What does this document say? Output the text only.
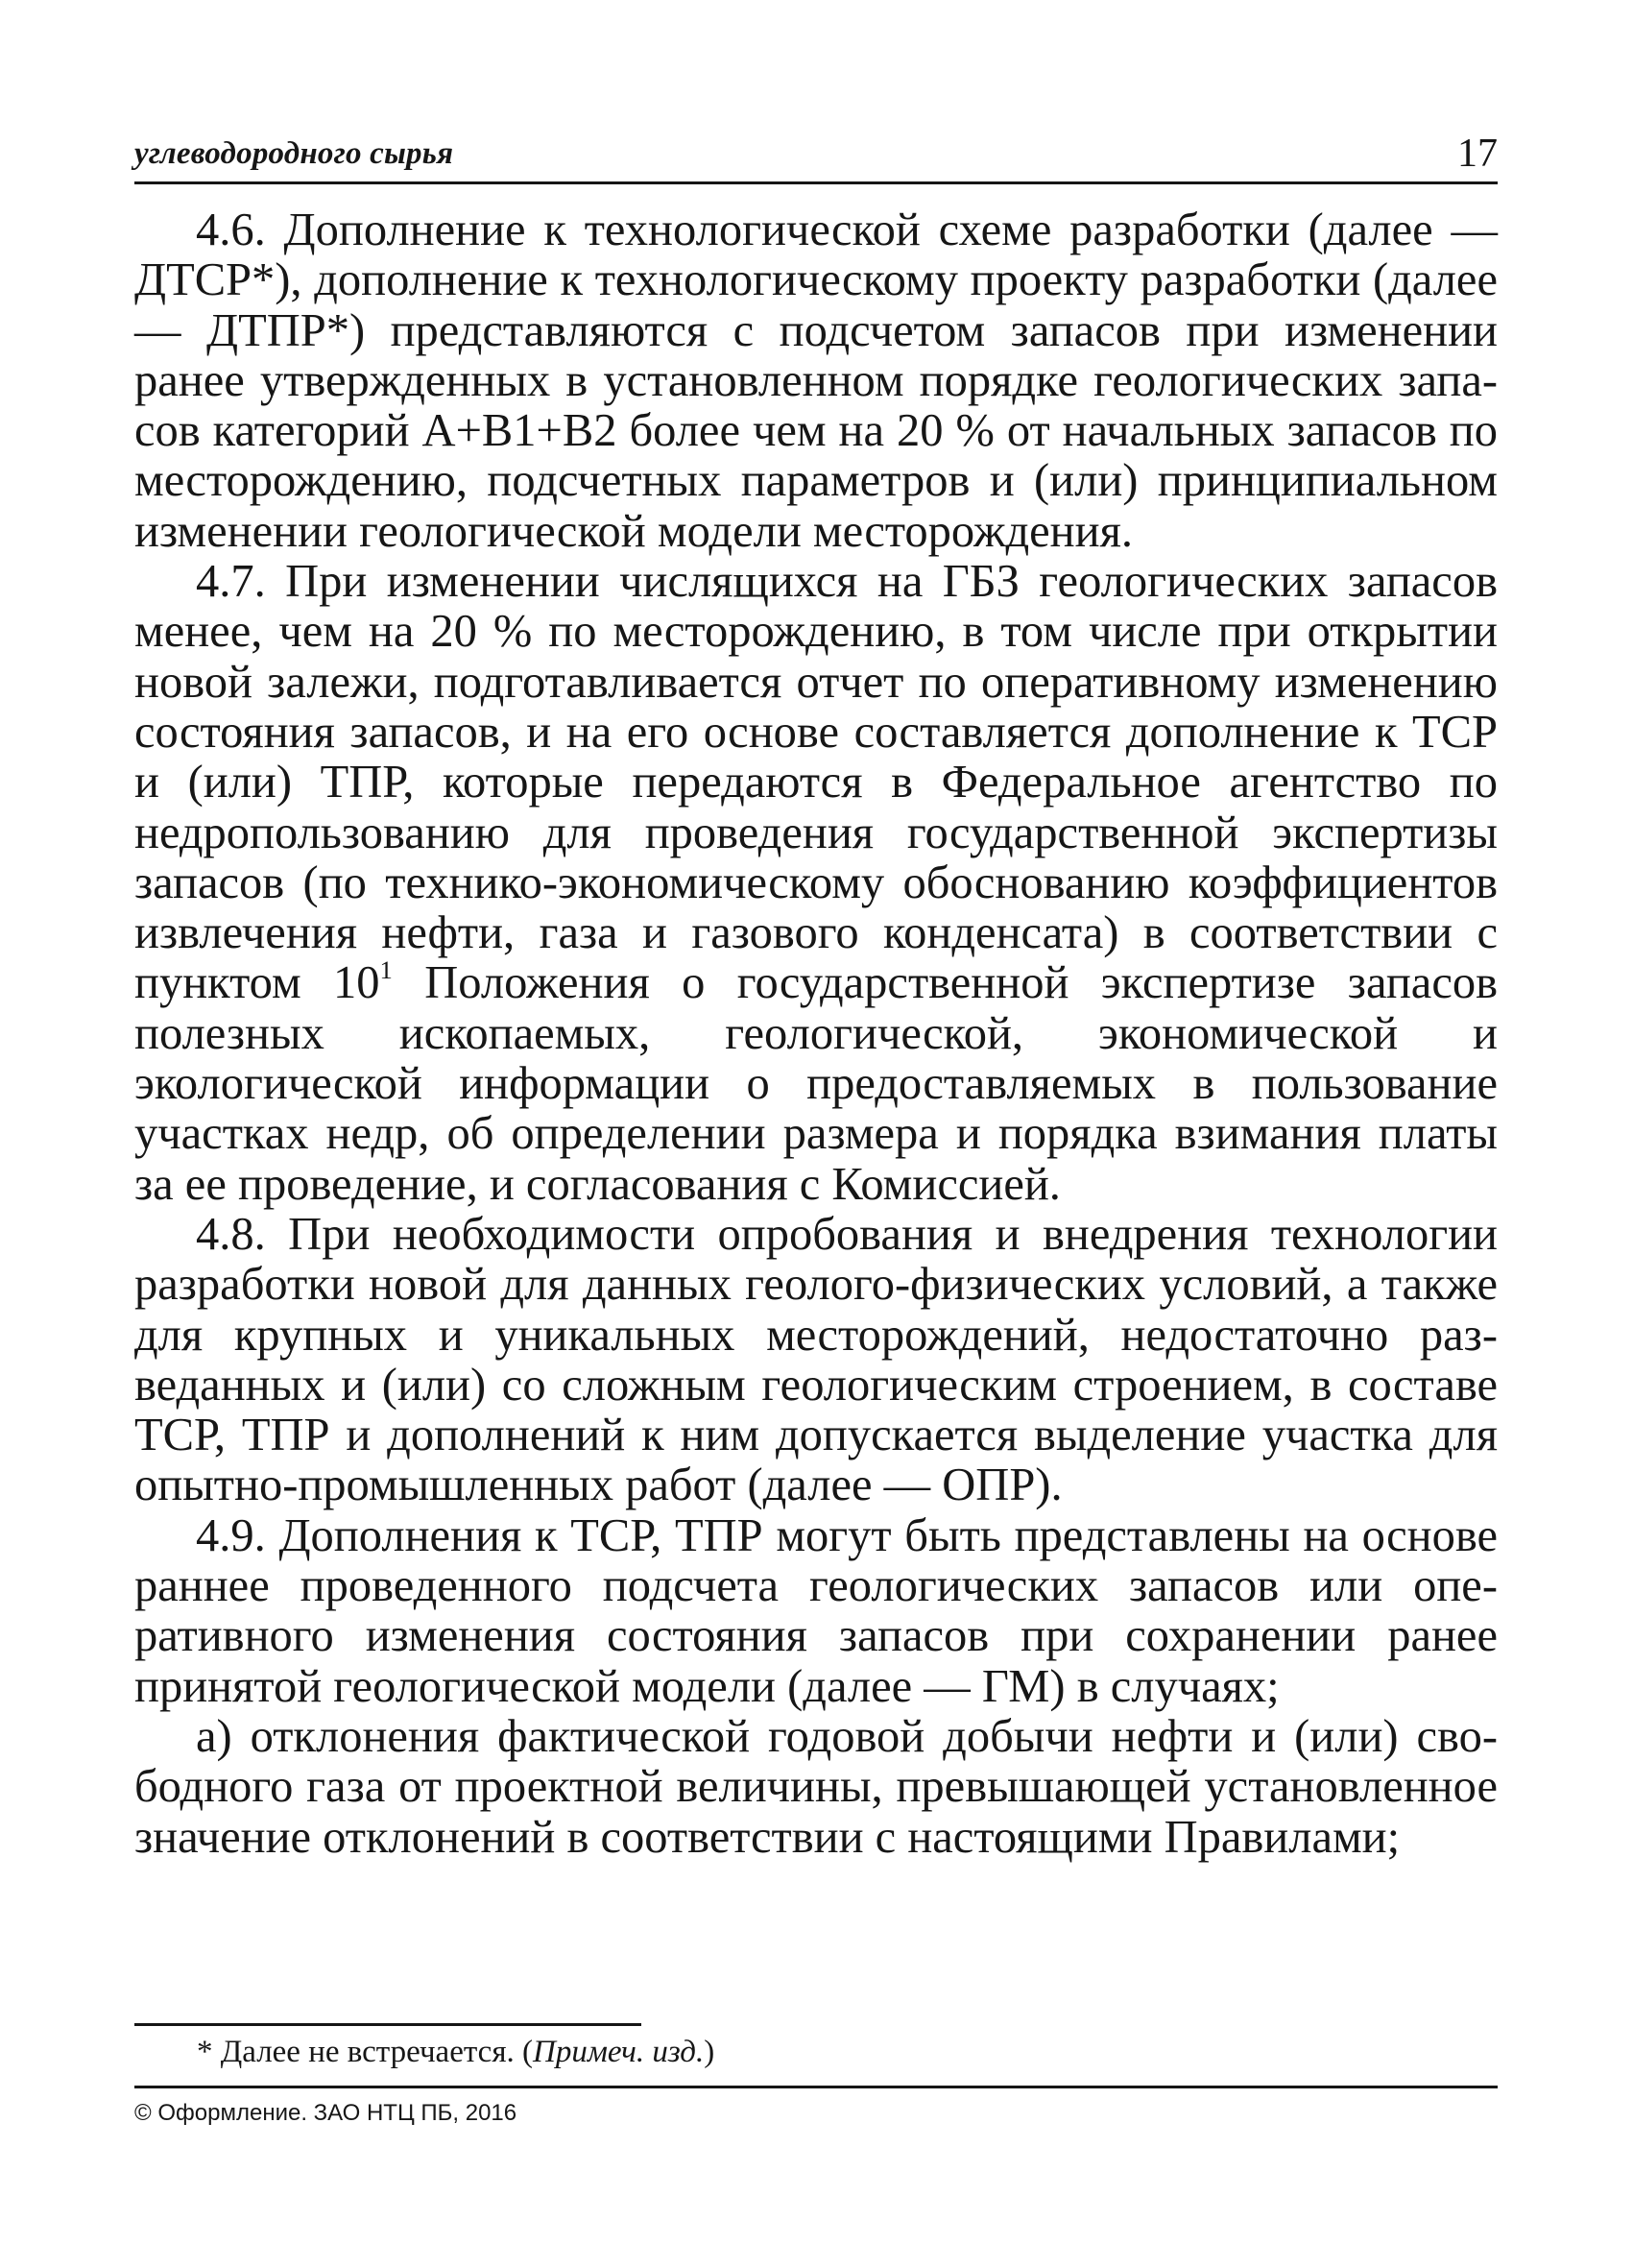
углеводородного сырья	17

4.6. Дополнение к технологической схеме разработки (далее — ДТСР*), дополнение к технологическому проекту разработки (далее — ДТПР*) представляются с подсчетом запасов при изменении ранее утвержденных в установленном порядке геологических запасов категорий А+В1+В2 более чем на 20 % от начальных запасов по месторождению, подсчетных параметров и (или) принципиальном изменении геологической модели месторождения.

4.7. При изменении числящихся на ГБЗ геологических запасов менее, чем на 20 % по месторождению, в том числе при открытии новой залежи, подготавливается отчет по оперативному изменению состояния запасов, и на его основе составляется дополнение к ТСР и (или) ТПР, которые передаются в Федеральное агентство по недропользованию для проведения государственной экспертизы запасов (по технико-экономическому обоснованию коэффициентов извлечения нефти, газа и газового конденсата) в соответствии с пунктом $10^1$ Положения о государственной экспертизе запасов полезных ископаемых, геологической, экономической и экологической информации о предоставляемых в пользование участках недр, об определении размера и порядка взимания платы за ее проведение, и согласования с Комиссией.

4.8. При необходимости опробования и внедрения технологии разработки новой для данных геолого-физических условий, а также для крупных и уникальных месторождений, недостаточно разведанных и (или) со сложным геологическим строением, в составе ТСР, ТПР и дополнений к ним допускается выделение участка для опытно-промышленных работ (далее — ОПР).

4.9. Дополнения к ТСР, ТПР могут быть представлены на основе раннее проведенного подсчета геологических запасов или оперативного изменения состояния запасов при сохранении ранее принятой геологической модели (далее — ГМ) в случаях;

а) отклонения фактической годовой добычи нефти и (или) свободного газа от проектной величины, превышающей установленное значение отклонений в соответствии с настоящими Правилами;

* Далее не встречается. (Примеч. изд.)
© Оформление. ЗАО НТЦ ПБ, 2016
